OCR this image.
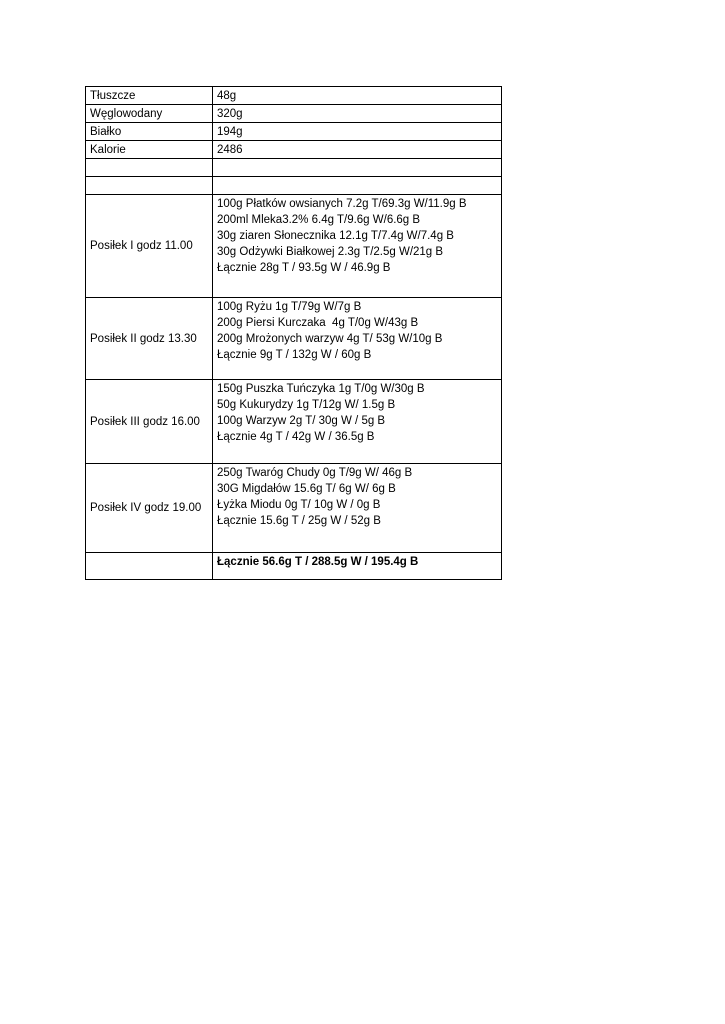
Tłuszcze	48g
Węglowodany	320g
Białko	194g
Kalorie	2486

Posiłek I godz 11.00	100g Płatków owsianych 7.2g T/69.3g W/11.9g B
200ml Mleka3.2% 6.4g T/9.6g W/6.6g B
30g ziaren Słonecznika 12.1g T/7.4g W/7.4g B
30g Odżywki Białkowej 2.3g T/2.5g W/21g B
Łącznie 28g T / 93.5g W / 46.9g B

Posiłek II godz 13.30	100g Ryżu 1g T/79g W/7g B
200g Piersi Kurczaka  4g T/0g W/43g B
200g Mrożonych warzyw 4g T/ 53g W/10g B
Łącznie 9g T / 132g W / 60g B

Posiłek III godz 16.00	150g Puszka Tuńczyka 1g T/0g W/30g B
50g Kukurydzy 1g T/12g W/ 1.5g B
100g Warzyw 2g T/ 30g W / 5g B
Łącznie 4g T / 42g W / 36.5g B

Posiłek IV godz 19.00	250g Twaróg Chudy 0g T/9g W/ 46g B
30G Migdałów 15.6g T/ 6g W/ 6g B
Łyżka Miodu 0g T/ 10g W / 0g B
Łącznie 15.6g T / 25g W / 52g B

	Łącznie 56.6g T / 288.5g W / 195.4g B
